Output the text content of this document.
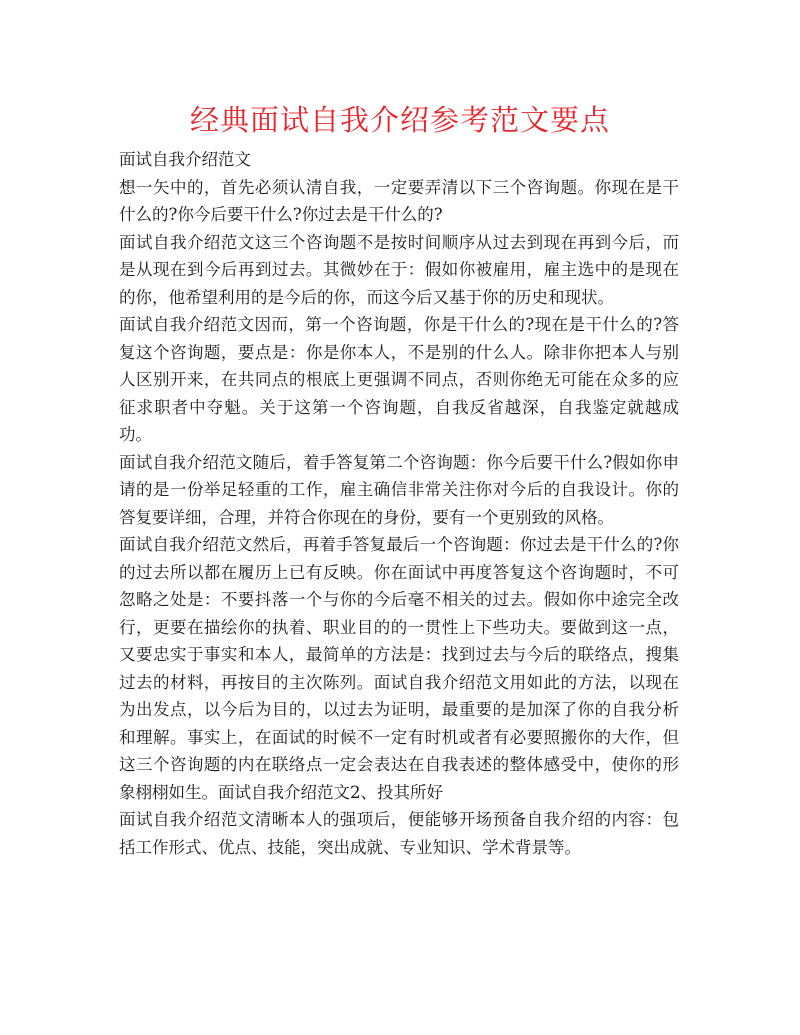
经典面试自我介绍参考范文要点

面试自我介绍范文

想一矢中的，首先必须认清自我，一定要弄清以下三个咨询题。你现在是干什么的?你今后要干什么?你过去是干什么的?

面试自我介绍范文这三个咨询题不是按时间顺序从过去到现在再到今后，而是从现在到今后再到过去。其微妙在于：假如你被雇用，雇主选中的是现在的你，他希望利用的是今后的你，而这今后又基于你的历史和现状。

面试自我介绍范文因而，第一个咨询题，你是干什么的?现在是干什么的?答复这个咨询题，要点是：你是你本人，不是别的什么人。除非你把本人与别人区别开来，在共同点的根底上更强调不同点，否则你绝无可能在众多的应征求职者中夺魁。关于这第一个咨询题，自我反省越深，自我鉴定就越成功。

面试自我介绍范文随后，着手答复第二个咨询题：你今后要干什么?假如你申请的是一份举足轻重的工作，雇主确信非常关注你对今后的自我设计。你的答复要详细，合理，并符合你现在的身份，要有一个更别致的风格。

面试自我介绍范文然后，再着手答复最后一个咨询题：你过去是干什么的?你的过去所以都在履历上已有反映。你在面试中再度答复这个咨询题时，不可忽略之处是：不要抖落一个与你的今后毫不相关的过去。假如你中途完全改行，更要在描绘你的执着、职业目的的一贯性上下些功夫。要做到这一点，又要忠实于事实和本人，最简单的方法是：找到过去与今后的联络点，搜集过去的材料，再按目的主次陈列。面试自我介绍范文用如此的方法，以现在为出发点，以今后为目的，以过去为证明，最重要的是加深了你的自我分析和理解。事实上，在面试的时候不一定有时机或者有必要照搬你的大作，但这三个咨询题的内在联络点一定会表达在自我表述的整体感受中，使你的形象栩栩如生。面试自我介绍范文2、投其所好

面试自我介绍范文清晰本人的强项后，便能够开场预备自我介绍的内容：包括工作形式、优点、技能，突出成就、专业知识、学术背景等。
